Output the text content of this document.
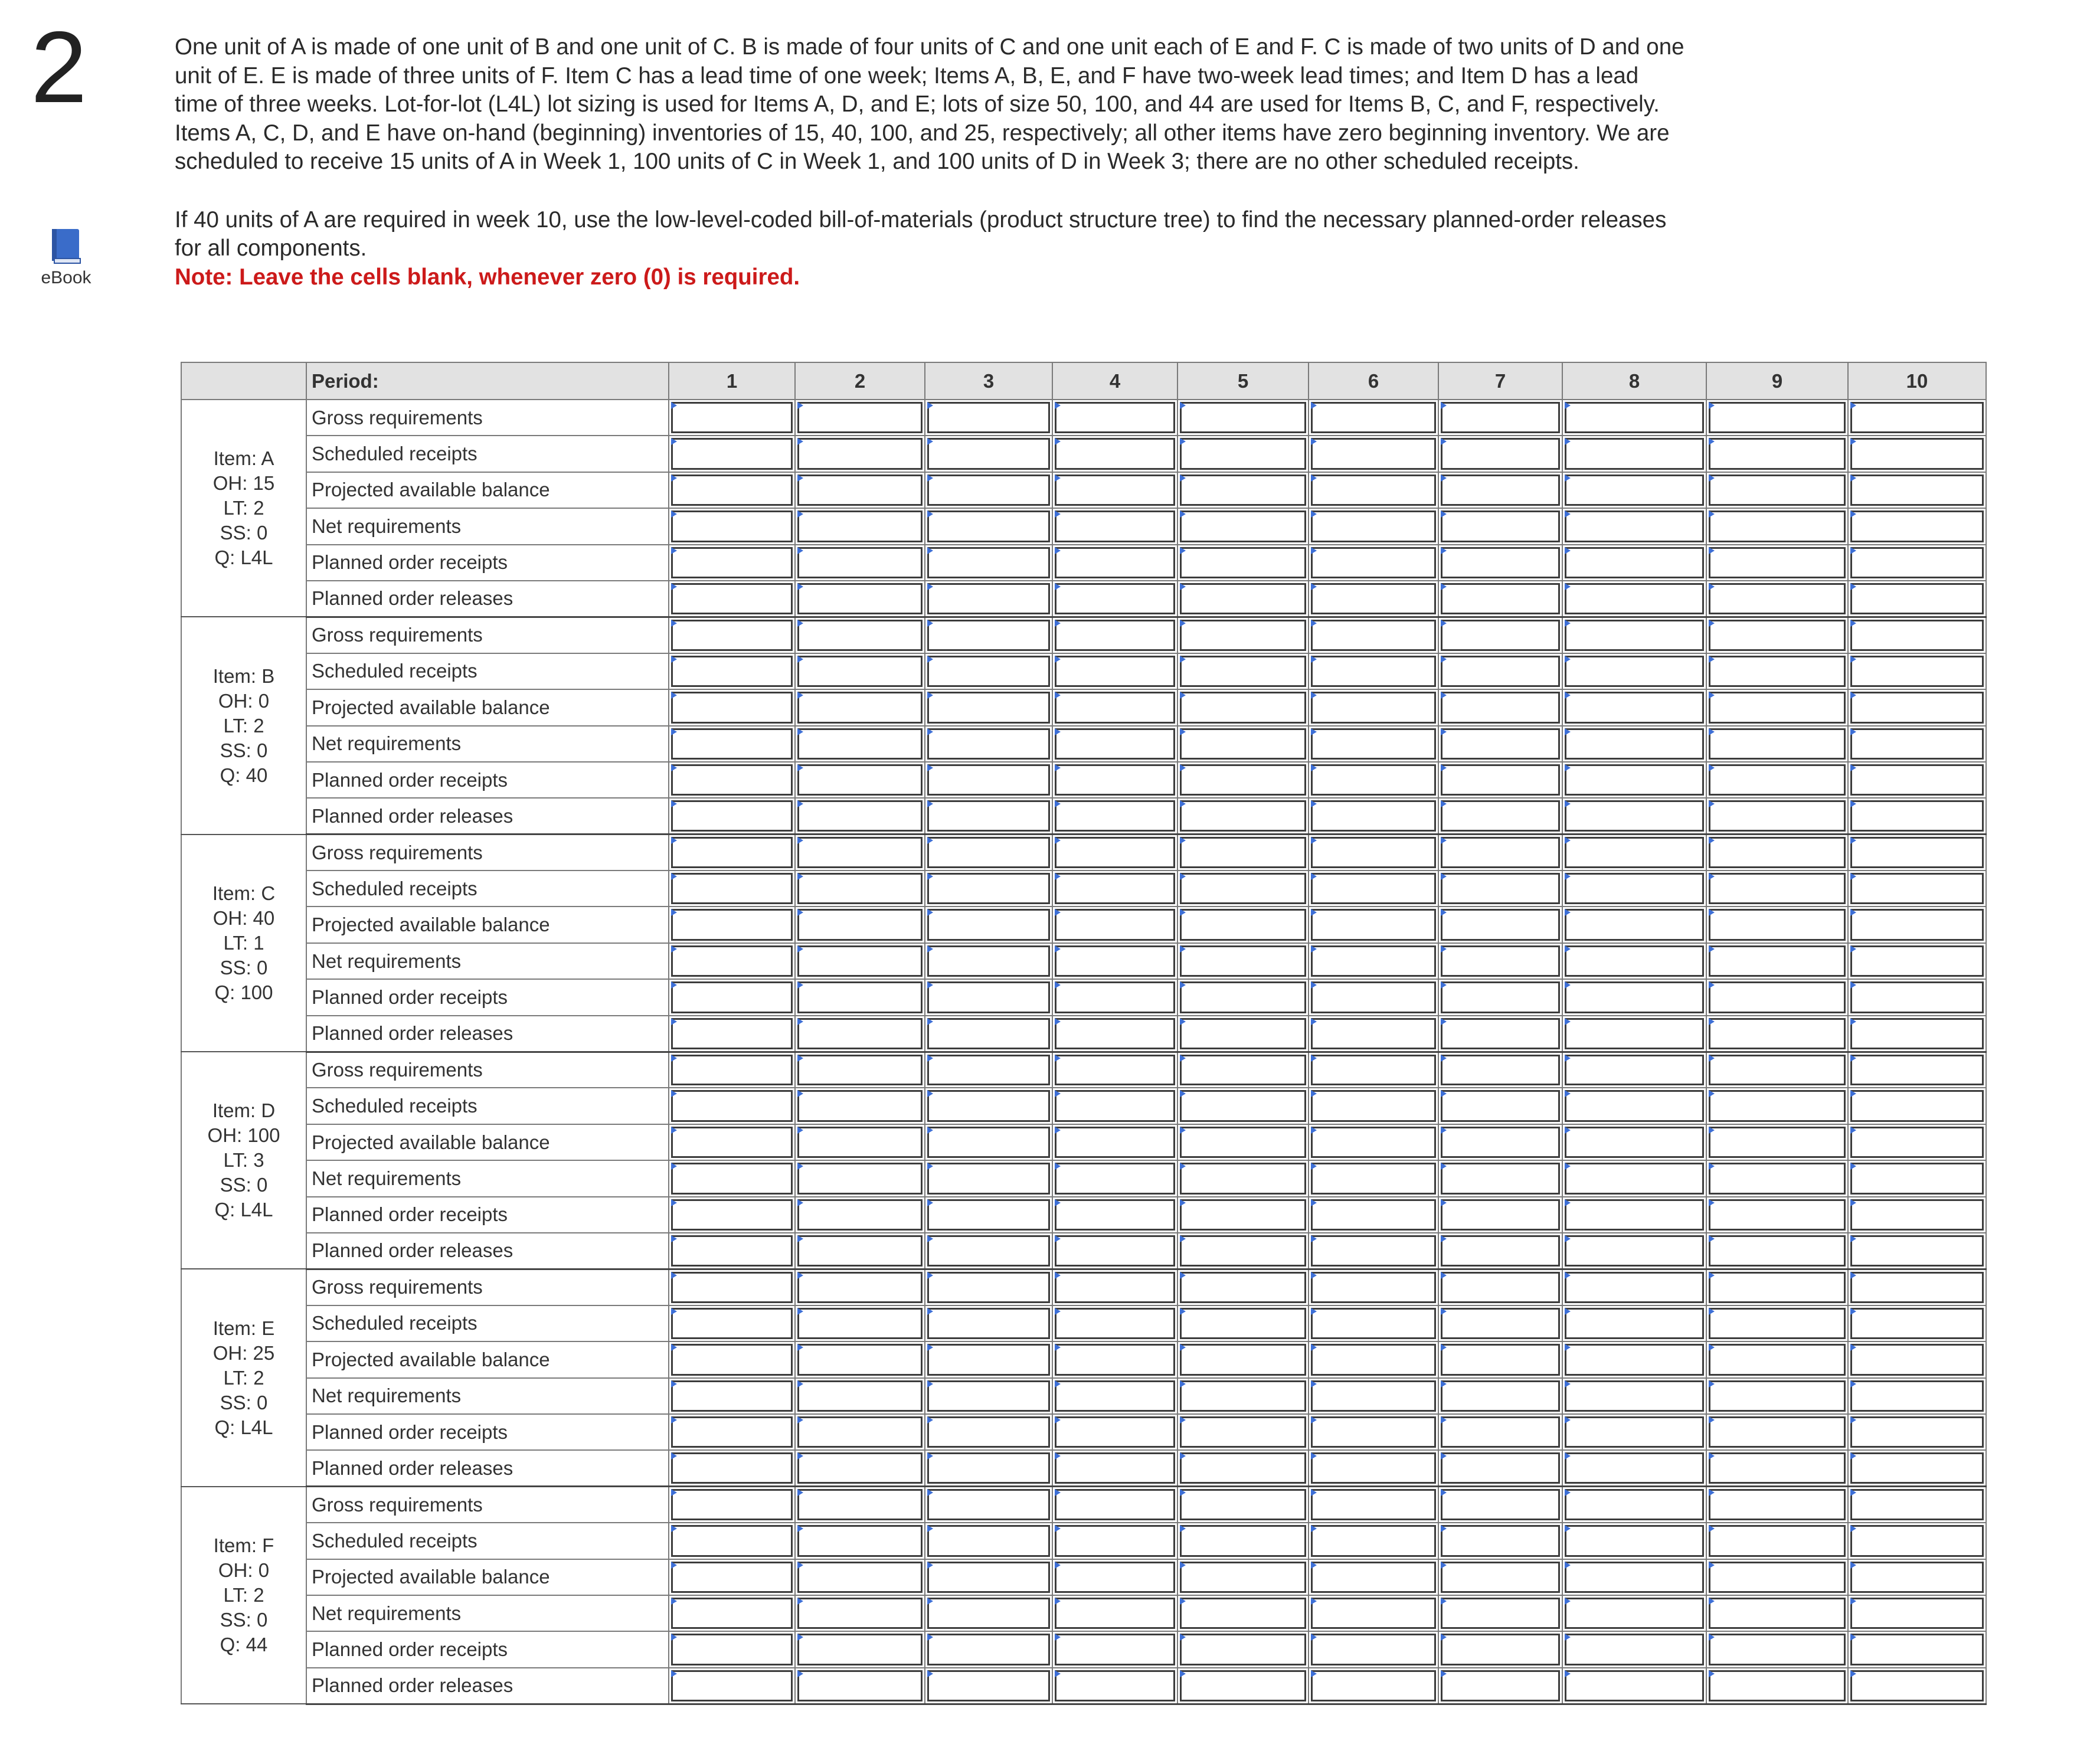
2
eBook

One unit of A is made of one unit of B and one unit of C. B is made of four units of C and one unit each of E and F. C is made of two units of D and one unit of E. E is made of three units of F. Item C has a lead time of one week; Items A, B, E, and F have two-week lead times; and Item D has a lead time of three weeks. Lot-for-lot (L4L) lot sizing is used for Items A, D, and E; lots of size 50, 100, and 44 are used for Items B, C, and F, respectively. Items A, C, D, and E have on-hand (beginning) inventories of 15, 40, 100, and 25, respectively; all other items have zero beginning inventory. We are scheduled to receive 15 units of A in Week 1, 100 units of C in Week 1, and 100 units of D in Week 3; there are no other scheduled receipts.

If 40 units of A are required in week 10, use the low-level-coded bill-of-materials (product structure tree) to find the necessary planned-order releases for all components.

Note: Leave the cells blank, whenever zero (0) is required.

	Period:	1	2	3	4	5	6	7	8	9	10

Item: A
OH: 15
LT: 2
SS: 0
Q: L4L	Gross requirements	

	Scheduled receipts	

	Projected available balance	

	Net requirements	

	Planned order receipts	

	Planned order releases	

Item: B
OH: 0
LT: 2
SS: 0
Q: 40	Gross requirements	

	Scheduled receipts	

	Projected available balance	

	Net requirements	

	Planned order receipts	

	Planned order releases	

Item: C
OH: 40
LT: 1
SS: 0
Q: 100	Gross requirements	

	Scheduled receipts	

	Projected available balance	

	Net requirements	

	Planned order receipts	

	Planned order releases	

Item: D
OH: 100
LT: 3
SS: 0
Q: L4L	Gross requirements	

	Scheduled receipts	

	Projected available balance	

	Net requirements	

	Planned order receipts	

	Planned order releases	

Item: E
OH: 25
LT: 2
SS: 0
Q: L4L	Gross requirements	

	Scheduled receipts	

	Projected available balance	

	Net requirements	

	Planned order receipts	

	Planned order releases	

Item: F
OH: 0
LT: 2
SS: 0
Q: 44	Gross requirements	

	Scheduled receipts	

	Projected available balance	

	Net requirements	

	Planned order receipts	

	Planned order releases	
